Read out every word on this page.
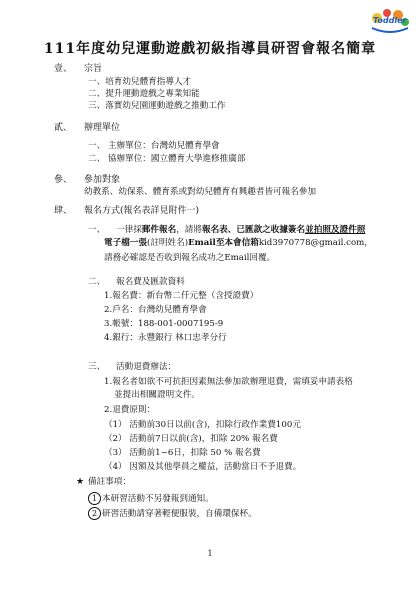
Toddler
111年度幼兒運動遊戲初級指導員研習會報名簡章
壹、 宗旨
一、培育幼兒體育指導人才
二、提升運動遊戲之專業知能
三、落實幼兒園運動遊戲之推動工作
貳、 辦理單位
一、 主辦單位：台灣幼兒體育學會
二、 協辦單位：國立體育大學進修推廣部
參、 參加對象
幼教系、幼保系、體育系或對幼兒體育有興趣者皆可報名參加
肆、 報名方式(報名表詳見附件一)
一、 一律採郵件報名，請將報名表、已匯款之收據簽名並拍照及證件照
電子檔一張(註明姓名)Email至本會信箱kid3970778@gmail.com，
請務必確認是否收到報名成功之Email回覆。
二、 報名費及匯款資料
1.報名費：新台幣二仟元整（含授證費）
2.戶名：台灣幼兒體育學會
3.帳號：188-001-0007195-9
4.銀行：永豐銀行 林口忠孝分行
三、 活動退費辦法：
1.報名者如欲不可抗拒因素無法參加欲辦理退費，需填妥申請表格
並提出相關證明文件。
2.退費原則：
（1） 活動前30日以前(含)，扣除行政作業費100元
（2） 活動前7日以前(含)，扣除 20% 報名費
（3） 活動前1~6日，扣除 50 % 報名費
（4） 因額及其他學員之權益，活動當日不予退費。
★ 備註事項：
1 本研習活動不另發報到通知。
2 研習活動請穿著輕便服裝，自備環保杯。
1
